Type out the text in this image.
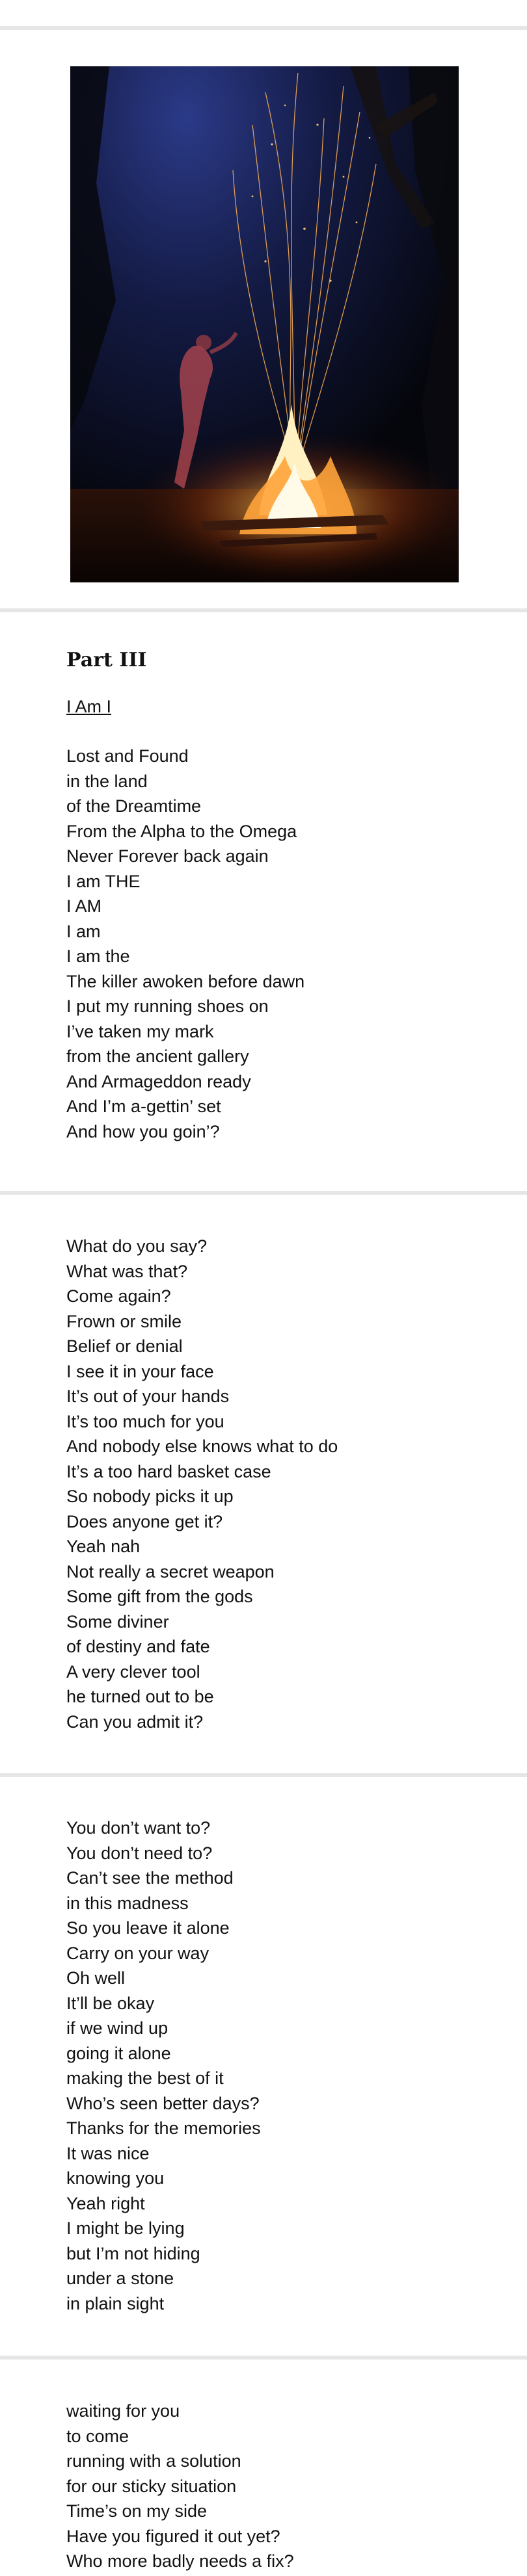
Part III
I Am I
Lost and Found
in the land
of the Dreamtime
From the Alpha to the Omega
Never Forever back again
I am THE
I AM
I am
I am the
The killer awoken before dawn
I put my running shoes on
I’ve taken my mark
from the ancient gallery
And Armageddon ready
And I’m a-gettin’ set
And how you goin’?
What do you say?
What was that?
Come again?
Frown or smile
Belief or denial
I see it in your face
It’s out of your hands
It’s too much for you
And nobody else knows what to do
It’s a too hard basket case
So nobody picks it up
Does anyone get it?
Yeah nah
Not really a secret weapon
Some gift from the gods
Some diviner
of destiny and fate
A very clever tool
he turned out to be
Can you admit it?
You don’t want to?
You don’t need to?
Can’t see the method
in this madness
So you leave it alone
Carry on your way
Oh well
It’ll be okay
if we wind up
going it alone
making the best of it
Who’s seen better days?
Thanks for the memories
It was nice
knowing you
Yeah right
I might be lying
but I’m not hiding
under a stone
in plain sight
waiting for you
to come
running with a solution
for our sticky situation
Time’s on my side
Have you figured it out yet?
Who more badly needs a fix?
